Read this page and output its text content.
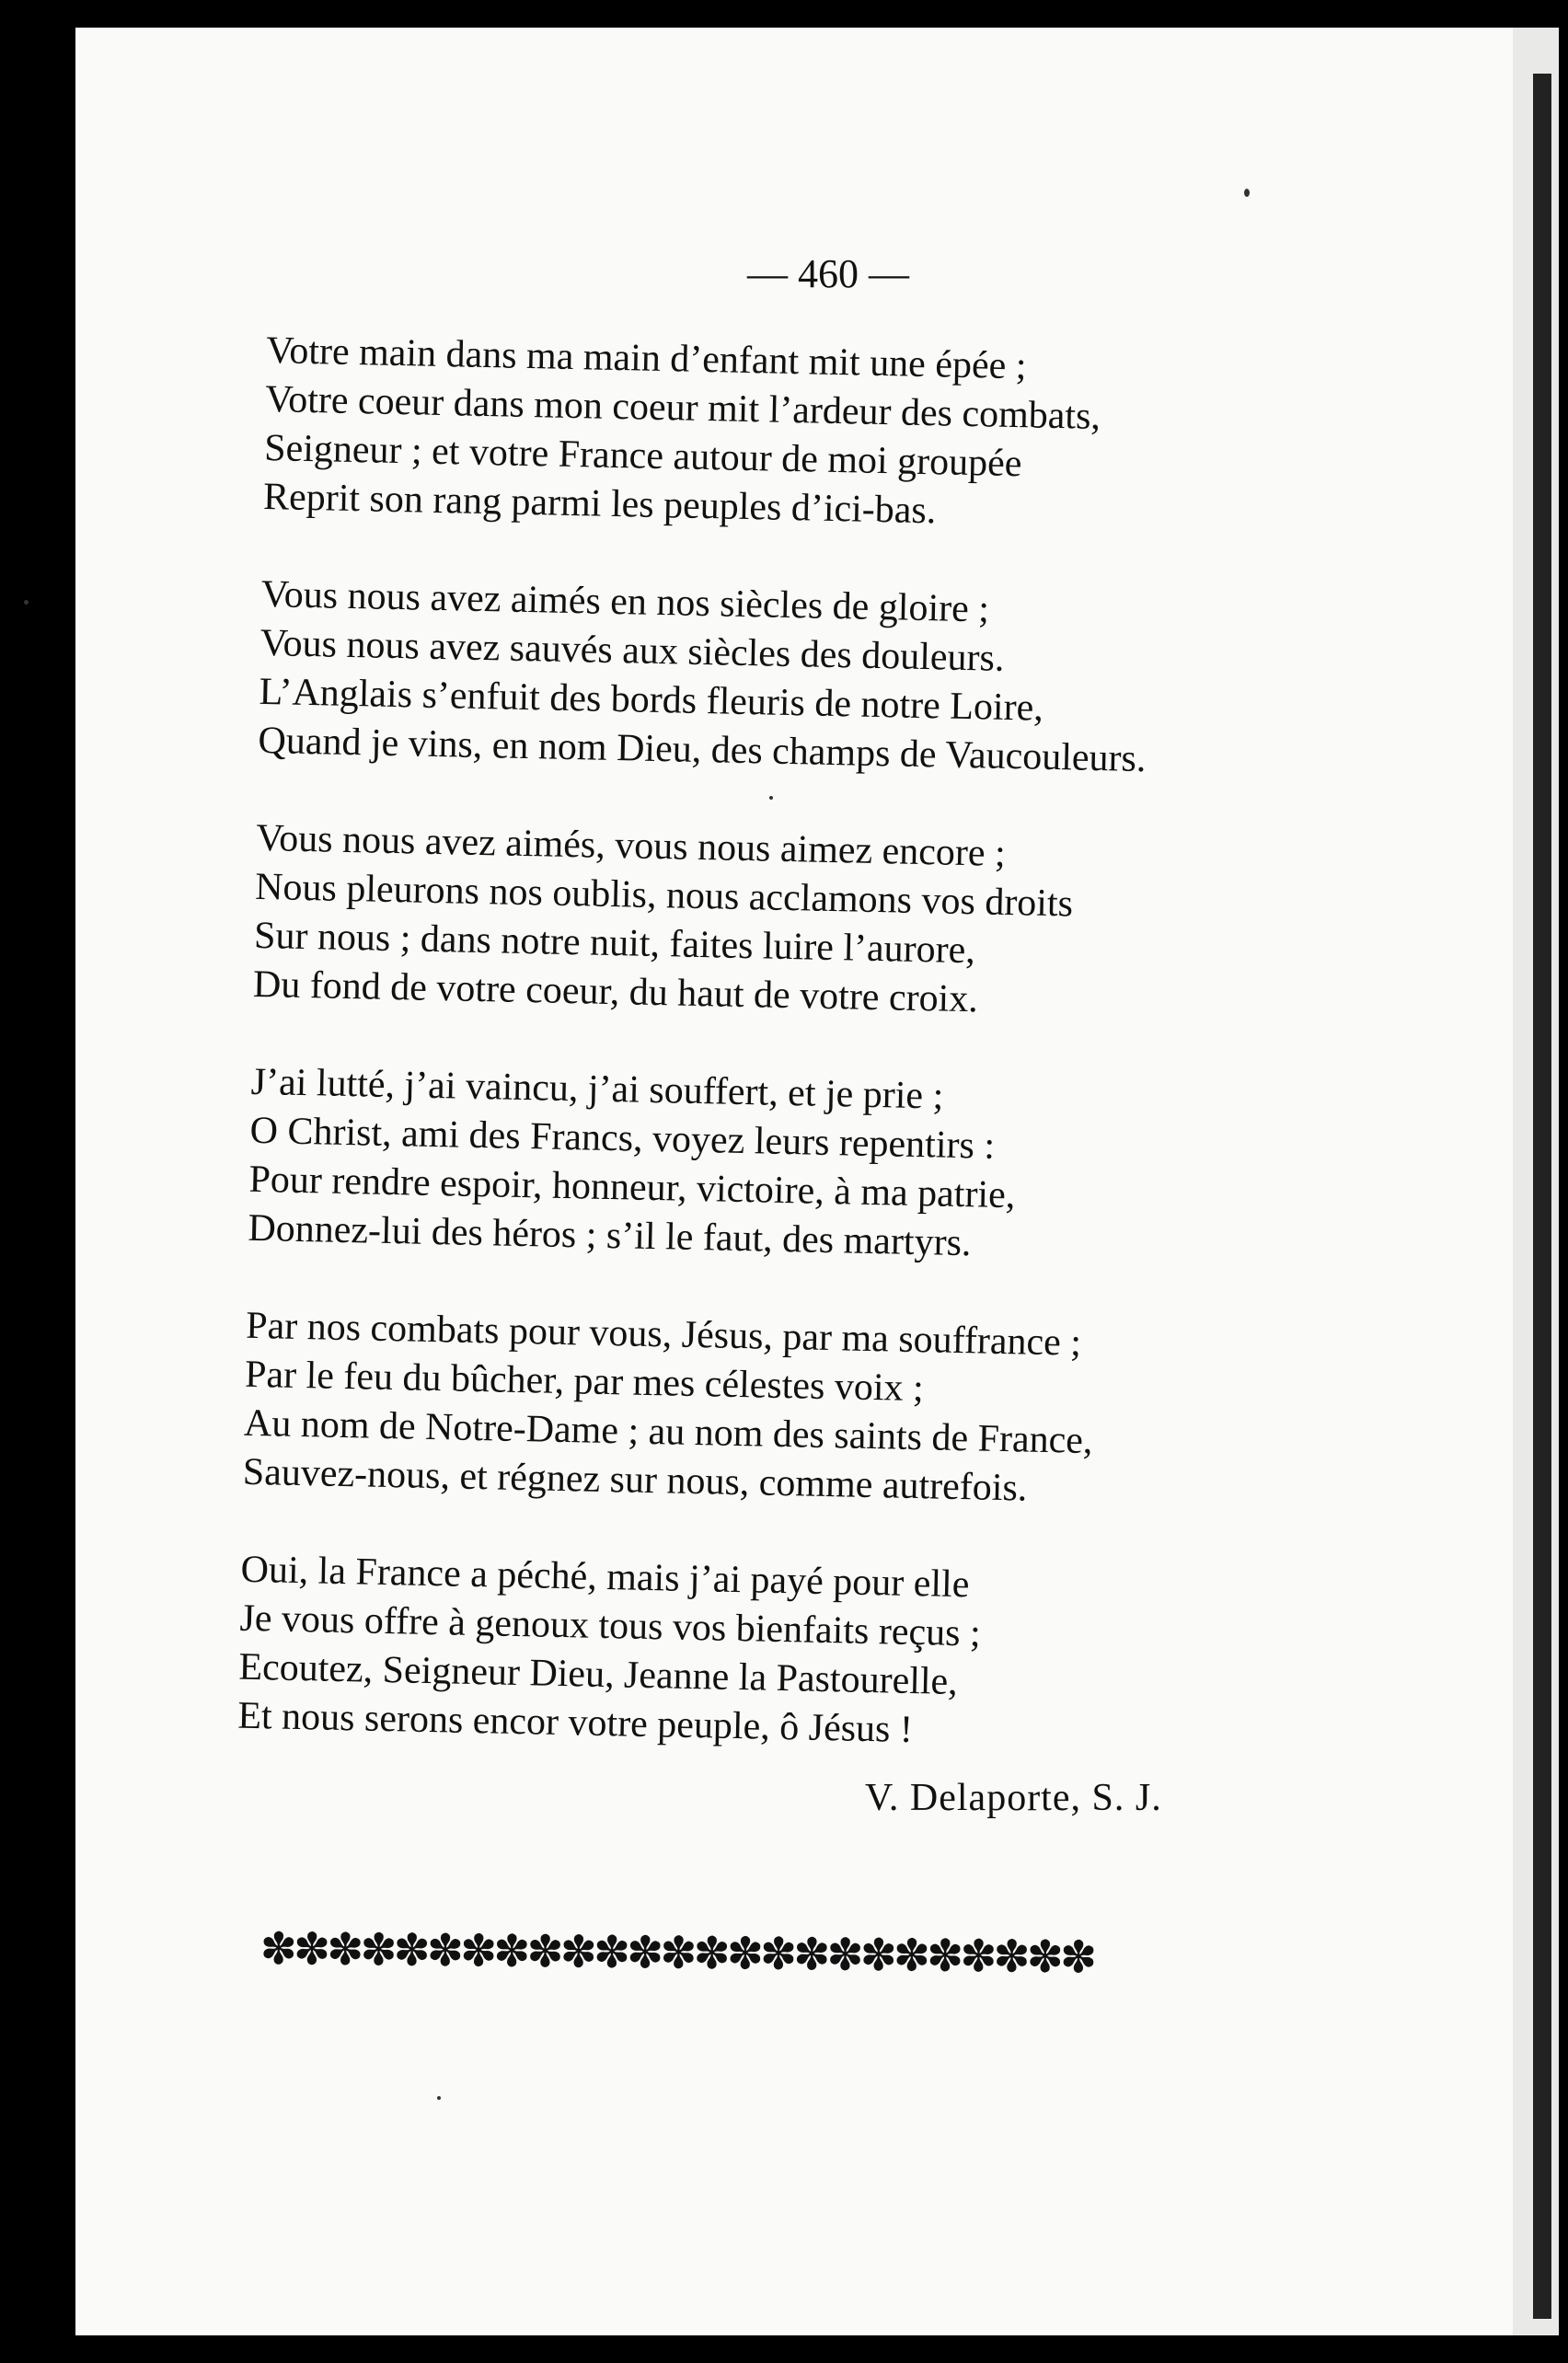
— 460 —
Votre main dans ma main d’enfant mit une épée ;
Votre coeur dans mon coeur mit l’ardeur des combats,
Seigneur ; et votre France autour de moi groupée
Reprit son rang parmi les peuples d’ici-bas.
Vous nous avez aimés en nos siècles de gloire ;
Vous nous avez sauvés aux siècles des douleurs.
L’Anglais s’enfuit des bords fleuris de notre Loire,
Quand je vins, en nom Dieu, des champs de Vaucouleurs.
Vous nous avez aimés, vous nous aimez encore ;
Nous pleurons nos oublis, nous acclamons vos droits
Sur nous ; dans notre nuit, faites luire l’aurore,
Du fond de votre coeur, du haut de votre croix.
J’ai lutté, j’ai vaincu, j’ai souffert, et je prie ;
O Christ, ami des Francs, voyez leurs repentirs :
Pour rendre espoir, honneur, victoire, à ma patrie,
Donnez-lui des héros ; s’il le faut, des martyrs.
Par nos combats pour vous, Jésus, par ma souffrance ;
Par le feu du bûcher, par mes célestes voix ;
Au nom de Notre-Dame ; au nom des saints de France,
Sauvez-nous, et régnez sur nous, comme autrefois.
Oui, la France a péché, mais j’ai payé pour elle
Je vous offre à genoux tous vos bienfaits reçus ;
Ecoutez, Seigneur Dieu, Jeanne la Pastourelle,
Et nous serons encor votre peuple, ô Jésus !
V. Delaporte, S. J.
✽✽✽✽✽✽✽✽✽✽✽✽✽✽✽✽✽✽✽✽✽✽✽✽✽
